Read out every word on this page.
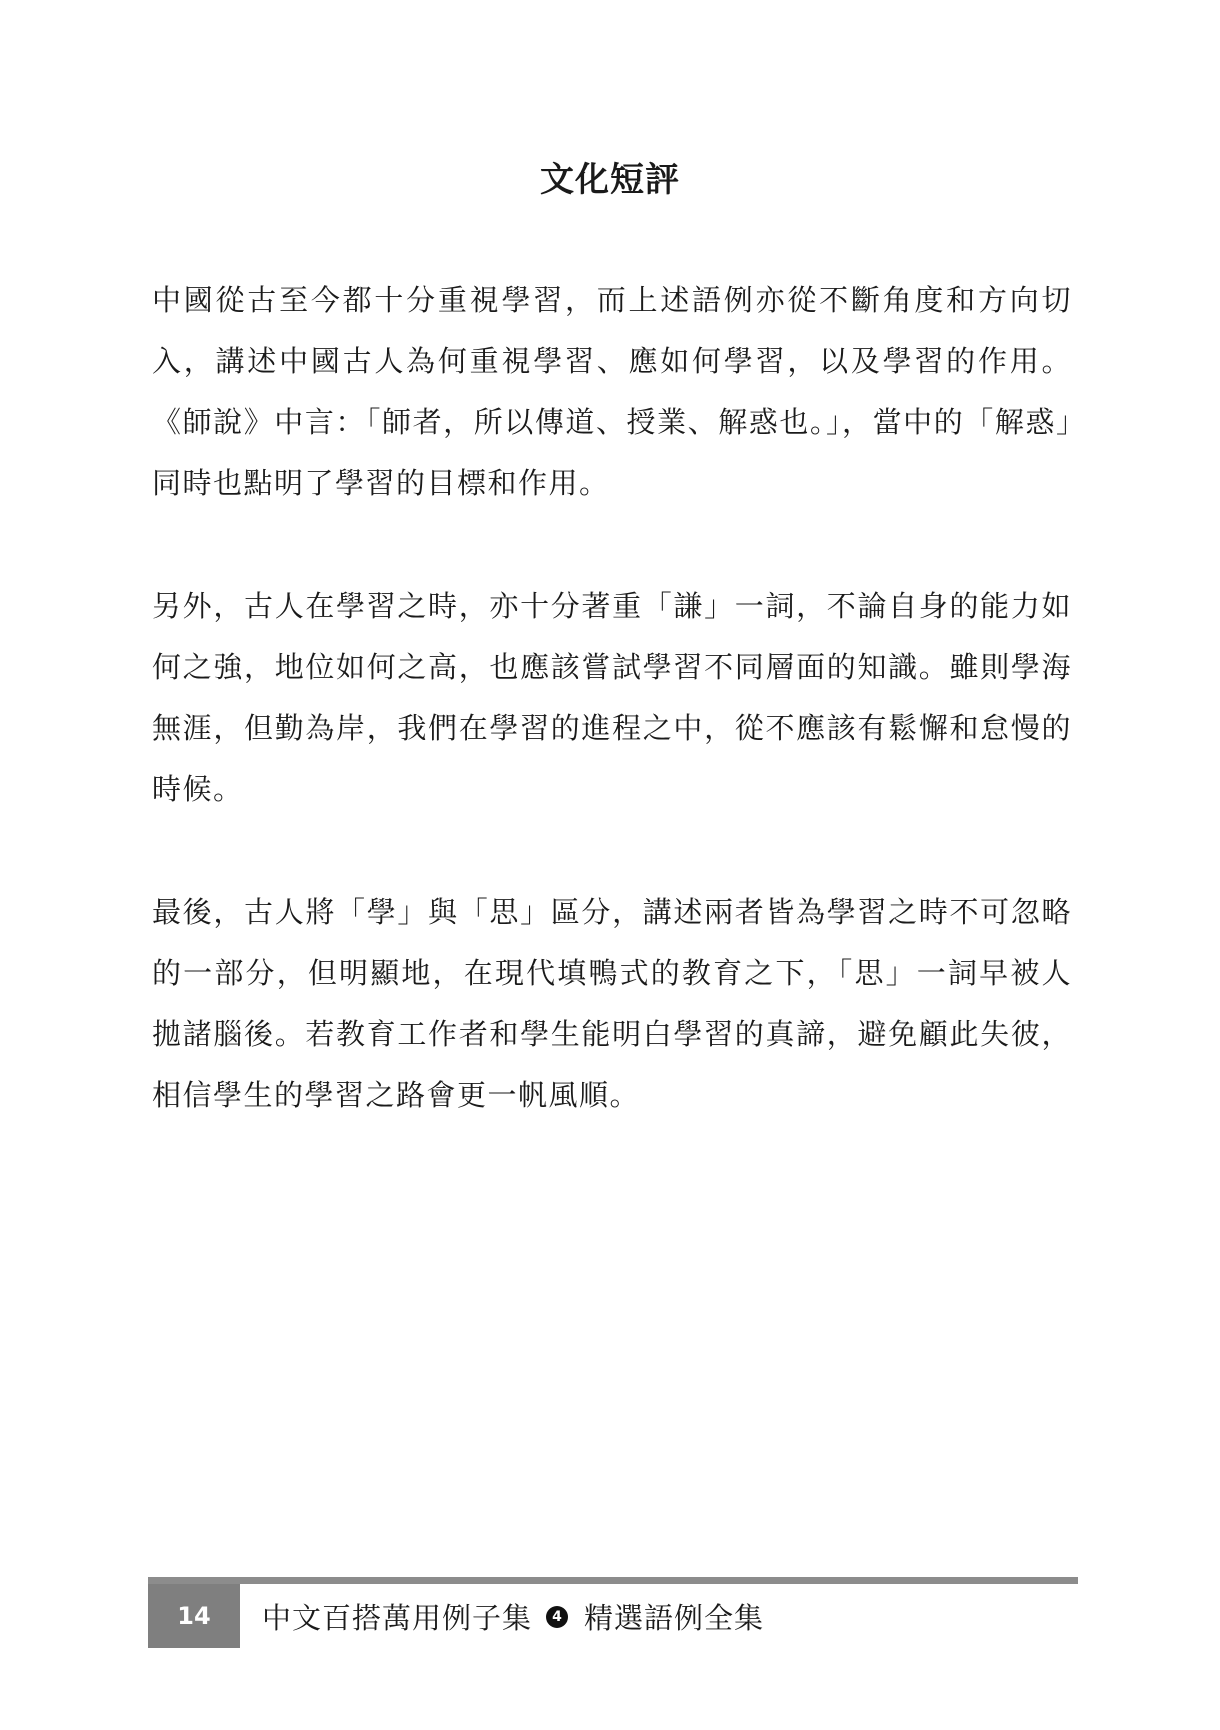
文化短評

中國從古至今都十分重視學習，而上述語例亦從不斷角度和方向切入，講述中國古人為何重視學習、應如何學習，以及學習的作用。《師說》中言：「師者，所以傳道、授業、解惑也。」，當中的「解惑」同時也點明了學習的目標和作用。

另外，古人在學習之時，亦十分著重「謙」一詞，不論自身的能力如何之強，地位如何之高，也應該嘗試學習不同層面的知識。雖則學海無涯，但勤為岸，我們在學習的進程之中，從不應該有鬆懈和怠慢的時候。

最後，古人將「學」與「思」區分，講述兩者皆為學習之時不可忽略的一部分，但明顯地，在現代填鴨式的教育之下，「思」一詞早被人拋諸腦後。若教育工作者和學生能明白學習的真諦，避免顧此失彼，相信學生的學習之路會更一帆風順。

14	中文百搭萬用例子集	4 精選語例全集
